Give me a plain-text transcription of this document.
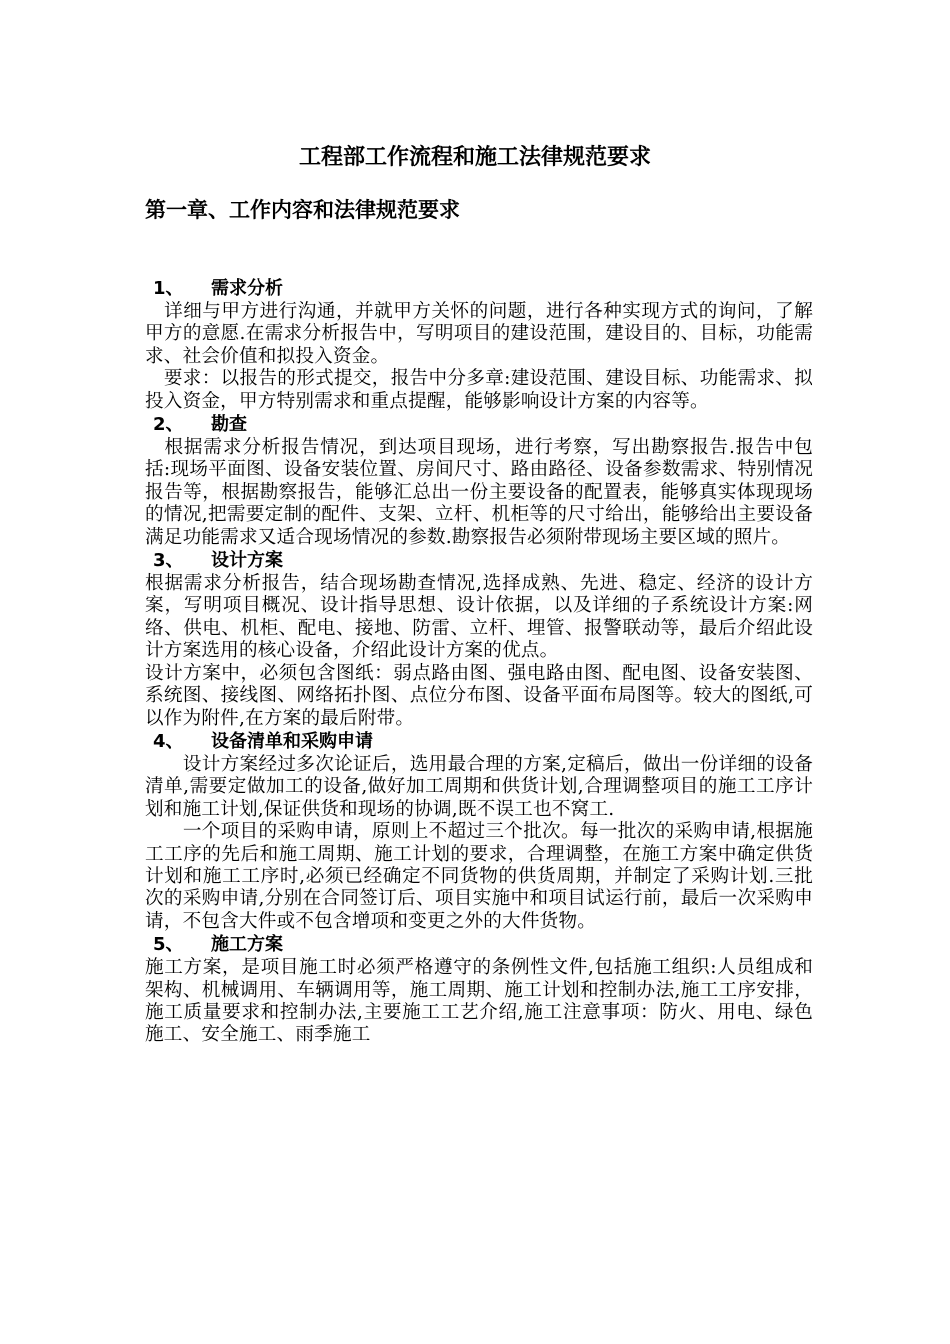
工程部工作流程和施工法律规范要求
第一章、工作内容和法律规范要求
1、 需求分析

　详细与甲方进行沟通，并就甲方关怀的问题，进行各种实现方式的询问，了解甲方的意愿.在需求分析报告中，写明项目的建设范围，建设目的、目标，功能需求、社会价值和拟投入资金。

　要求：以报告的形式提交，报告中分多章:建设范围、建设目标、功能需求、拟投入资金，甲方特别需求和重点提醒，能够影响设计方案的内容等。

2、 勘查

　根据需求分析报告情况，到达项目现场，进行考察，写出勘察报告.报告中包括:现场平面图、设备安装位置、房间尺寸、路由路径、设备参数需求、特别情况报告等，根据勘察报告，能够汇总出一份主要设备的配置表，能够真实体现现场的情况,把需要定制的配件、支架、立杆、机柜等的尺寸给出，能够给出主要设备满足功能需求又适合现场情况的参数.勘察报告必须附带现场主要区域的照片。

3、 设计方案

根据需求分析报告，结合现场勘查情况,选择成熟、先进、稳定、经济的设计方案，写明项目概况、设计指导思想、设计依据，以及详细的子系统设计方案:网络、供电、机柜、配电、接地、防雷、立杆、埋管、报警联动等，最后介绍此设计方案选用的核心设备，介绍此设计方案的优点。

设计方案中，必须包含图纸：弱点路由图、强电路由图、配电图、设备安装图、系统图、接线图、网络拓扑图、点位分布图、设备平面布局图等。较大的图纸,可以作为附件,在方案的最后附带。

4、 设备清单和采购申请

　　设计方案经过多次论证后，选用最合理的方案,定稿后，做出一份详细的设备清单,需要定做加工的设备,做好加工周期和供货计划,合理调整项目的施工工序计划和施工计划,保证供货和现场的协调,既不误工也不窝工.

　　一个项目的采购申请，原则上不超过三个批次。每一批次的采购申请,根据施工工序的先后和施工周期、施工计划的要求，合理调整，在施工方案中确定供货计划和施工工序时,必须已经确定不同货物的供货周期，并制定了采购计划.三批次的采购申请,分别在合同签订后、项目实施中和项目试运行前，最后一次采购申请，不包含大件或不包含增项和变更之外的大件货物。

5、 施工方案

施工方案，是项目施工时必须严格遵守的条例性文件,包括施工组织:人员组成和架构、机械调用、车辆调用等，施工周期、施工计划和控制办法,施工工序安排，施工质量要求和控制办法,主要施工工艺介绍,施工注意事项：防火、用电、绿色施工、安全施工、雨季施工
